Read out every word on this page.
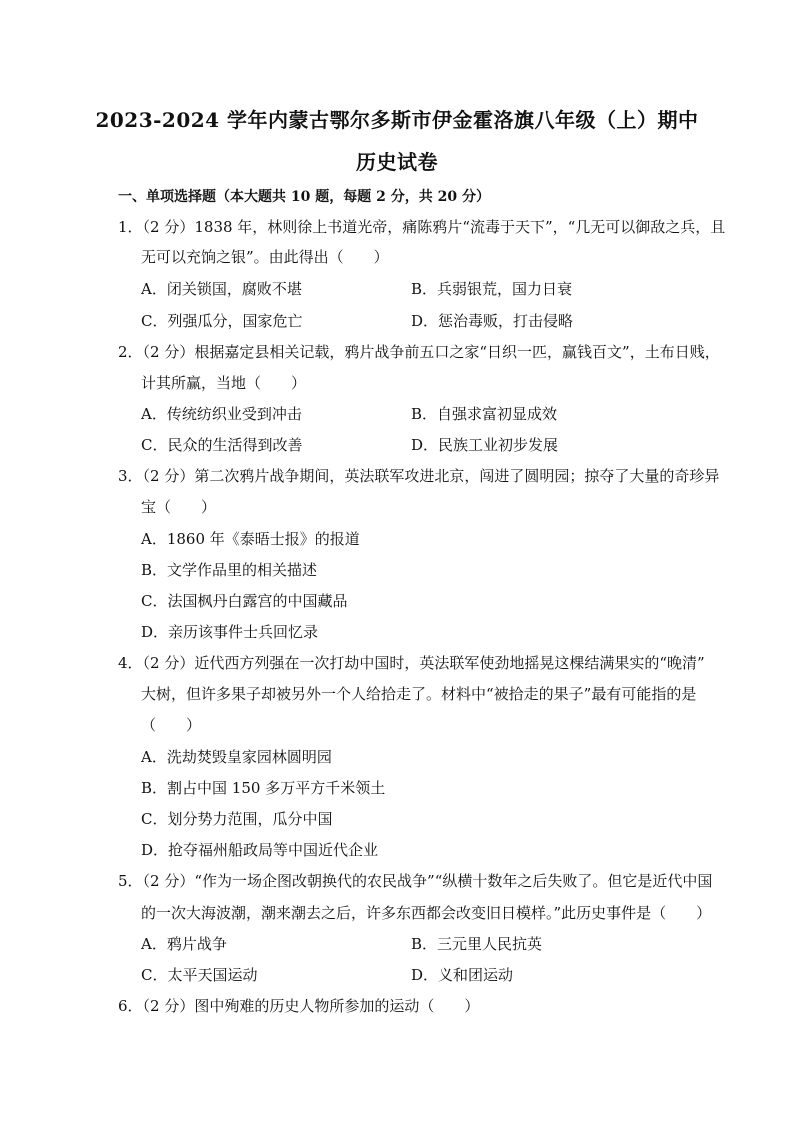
2023-2024 学年内蒙古鄂尔多斯市伊金霍洛旗八年级（上）期中
历史试卷
一、单项选择题（本大题共 10 题，每题 2 分，共 20 分）
1．（2 分）1838 年，林则徐上书道光帝，痛陈鸦片“流毒于天下”，“几无可以御敌之兵，且
无可以充饷之银”。由此得出（　　）
A．闭关锁国，腐败不堪	B．兵弱银荒，国力日衰
C．列强瓜分，国家危亡	D．惩治毒贩，打击侵略
2．（2 分）根据嘉定县相关记载，鸦片战争前五口之家“日织一匹，赢钱百文”，土布日贱，
计其所赢，当地（　　）
A．传统纺织业受到冲击	B．自强求富初显成效
C．民众的生活得到改善	D．民族工业初步发展
3．（2 分）第二次鸦片战争期间，英法联军攻进北京，闯进了圆明园；掠夺了大量的奇珍异
宝（　　）
A．1860 年《泰晤士报》的报道
B．文学作品里的相关描述
C．法国枫丹白露宫的中国藏品
D．亲历该事件士兵回忆录
4．（2 分）近代西方列强在一次打劫中国时，英法联军使劲地摇晃这棵结满果实的“晚清”
大树，但许多果子却被另外一个人给拾走了。材料中“被拾走的果子”最有可能指的是
（　　）
A．洗劫焚毁皇家园林圆明园
B．割占中国 150 多万平方千米领土
C．划分势力范围，瓜分中国
D．抢夺福州船政局等中国近代企业
5．（2 分）“作为一场企图改朝换代的农民战争”“纵横十数年之后失败了。但它是近代中国
的一次大海波潮，潮来潮去之后，许多东西都会改变旧日模样。”此历史事件是（　　）
A．鸦片战争	B．三元里人民抗英
C．太平天国运动	D．义和团运动
6．（2 分）图中殉难的历史人物所参加的运动（　　）
